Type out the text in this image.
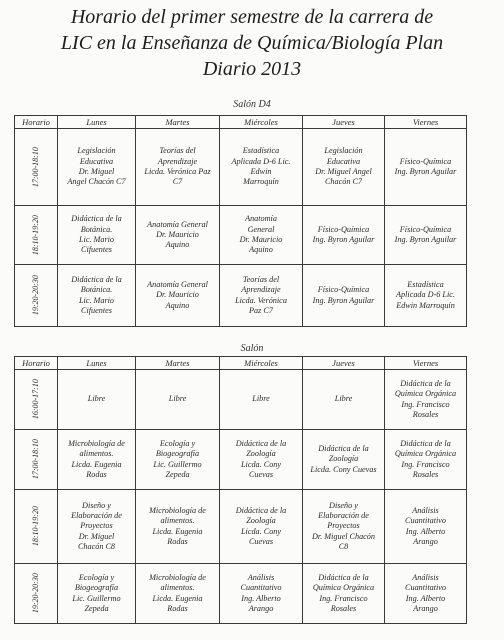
Horario del primer semestre de la carrera de
LIC en la Enseñanza de Química/Biología Plan
Diario 2013
Salón D4
Horario	Lunes	Martes	Miércoles	Jueves	Viernes
17:00-18:10	Legislación
Educativa
Dr. Miguel
Angel Chacón C7	Teorías del
Aprendizaje
Licda. Verónica Paz
C7	Estadística
Aplicada D-6 Lic.
Edwin
Marroquín	Legislación
Educativa
Dr. Miguel Angel
Chacón C7	Físico-Química
Ing. Byron Aguilar
18:10-19:20	Didáctica de la
Botánica.
Lic. Mario
Cifuentes	Anatomía General
Dr. Mauricio
Aquino	Anatomía
General
Dr. Mauricio
Aquino	Físico-Química
Ing. Byron Aguilar	Físico-Química
Ing. Byron Aguilar
19:20-20:30	Didáctica de la
Botánica.
Lic. Mario
Cifuentes	Anatomía General
Dr. Mauricio
Aquino	Teorías del
Aprendizaje
Licda. Verónica
Paz C7	Físico-Química
Ing. Byron Aguilar	Estadística
Aplicada D-6 Lic.
Edwin Marroquín
Salón
Horario	Lunes	Martes	Miércoles	Jueves	Viernes
16:00-17:10	Libre	Libre	Libre	Libre	Didáctica de la
Química Orgánica
Ing. Francisco
Rosales
17:00-18:10	Microbiología de
alimentos.
Licda. Eugenia
Rodas	Ecología y
Biogeografía
Lic. Guillermo
Zepeda	Didáctica de la
Zoología
Licda. Cony
Cuevas	Didáctica de la
Zoología
Licda. Cony Cuevas	Didáctica de la
Química Orgánica
Ing. Francisco
Rosales
18:10-19:20	Diseño y
Elaboración de
Proyectos
Dr. Miguel
Chacón C8	Microbiología de
alimentos.
Licda. Eugenia
Rodas	Didáctica de la
Zoología
Licda. Cony
Cuevas	Diseño y
Elaboración de
Proyectos
Dr. Miguel Chacón
C8	Análisis
Cuantitativo
Ing. Alberto
Arango
19:20-20:30	Ecología y
Biogeografía
Lic. Guillermo
Zepeda	Microbiología de
alimentos.
Licda. Eugenia
Rodas	Análisis
Cuantitativo
Ing. Alberto
Arango	Didáctica de la
Química Orgánica
Ing. Francisco
Rosales	Análisis
Cuantitativo
Ing. Alberto
Arango
